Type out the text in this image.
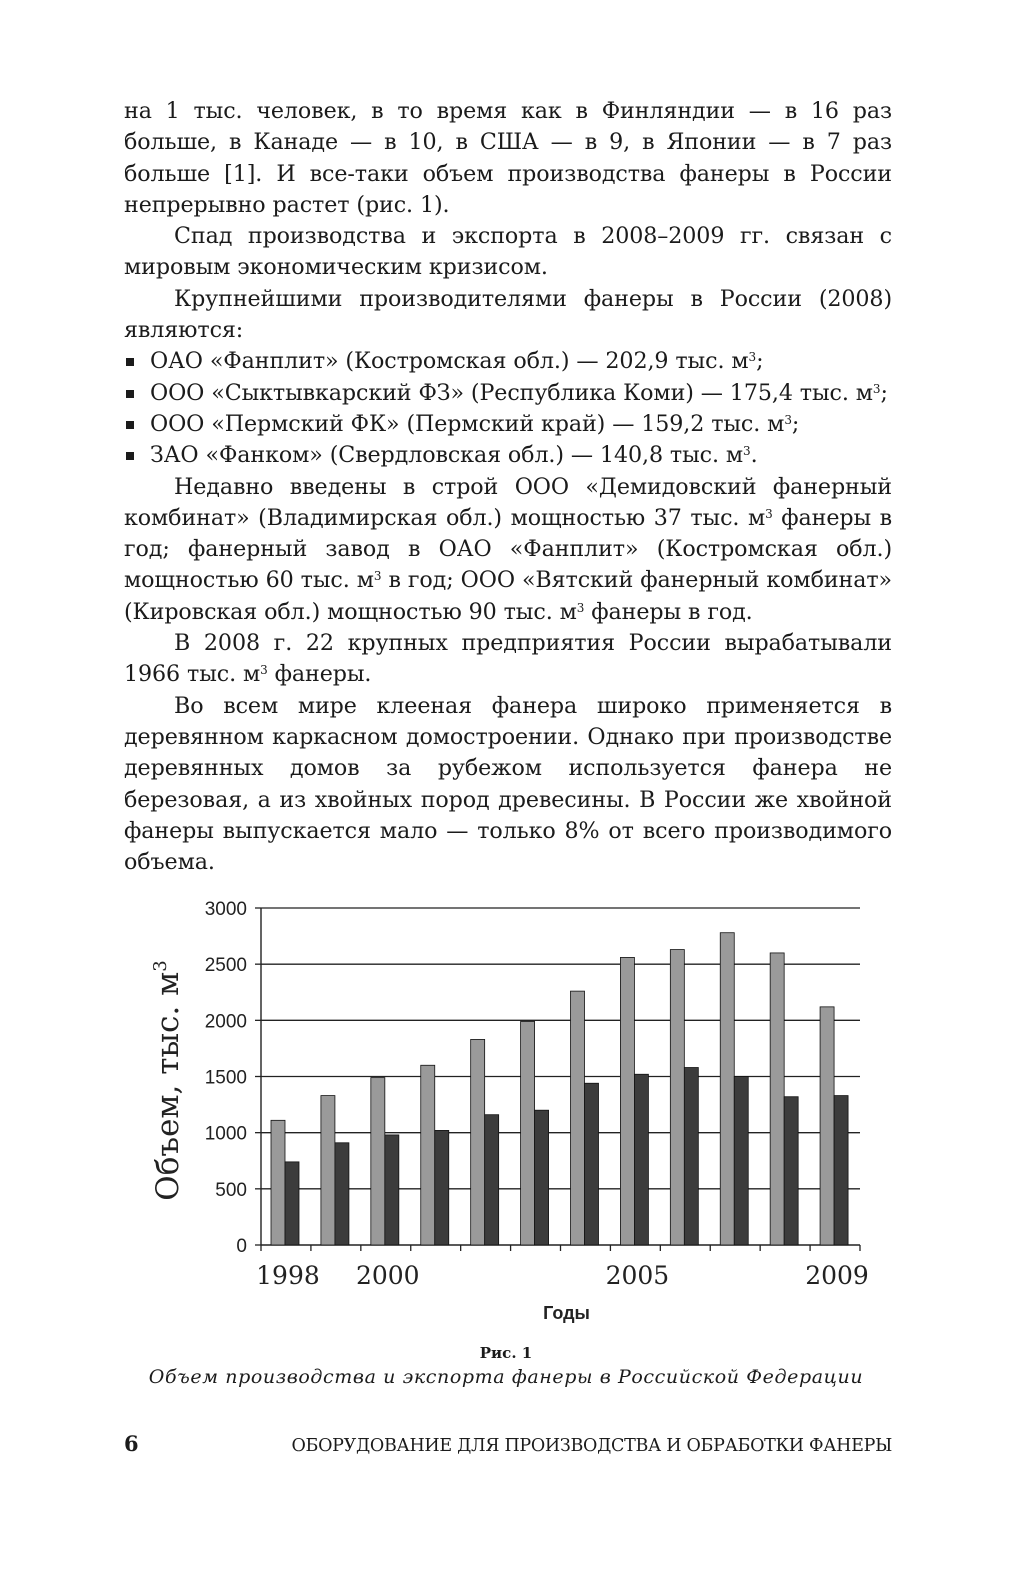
на 1 тыс. человек, в то время как в Финляндии — в 16 раз больше, в Канаде — в 10, в США — в 9, в Японии — в 7 раз больше [1]. И все-таки объем производства фанеры в России непрерывно растет (рис. 1).

Спад производства и экспорта в 2008–2009 гг. связан с мировым экономическим кризисом.

Крупнейшими производителями фанеры в России (2008) являются:

ОАО «Фанплит» (Костромская обл.) — 202,9 тыс. $м^3$;
ООО «Сыктывкарский ФЗ» (Республика Коми) — 175,4 тыс. $м^3$;
ООО «Пермский ФК» (Пермский край) — 159,2 тыс. $м^3$;
ЗАО «Фанком» (Свердловская обл.) — 140,8 тыс. $м^3$.

Недавно введены в строй ООО «Демидовский фанерный комбинат» (Владимирская обл.) мощностью 37 тыс. $м^3$ фанеры в год; фанерный завод в ОАО «Фанплит» (Костромская обл.) мощностью 60 тыс. $м^3$ в год; ООО «Вятский фанерный комбинат» (Кировская обл.) мощностью 90 тыс. $м^3$ фанеры в год.

В 2008 г. 22 крупных предприятия России вырабатывали 1966 тыс. $м^3$ фанеры.

Во всем мире клееная фанера широко применяется в деревянном каркасном домостроении. Однако при производстве деревянных домов за рубежом используется фанера не березовая, а из хвойных пород древесины. В России же хвойной фанеры выпускается мало — только 8% от всего производимого объема.

0
500
1000
1500
2000
2500
3000
1998 2000	2005	2009
Годы
Объем, тыс. $м^3$
Рис. 1
Объем производства и экспорта фанеры в Российской Федерации
6	ОБОРУДОВАНИЕ ДЛЯ ПРОИЗВОДСТВА И ОБРАБОТКИ ФАНЕРЫ
